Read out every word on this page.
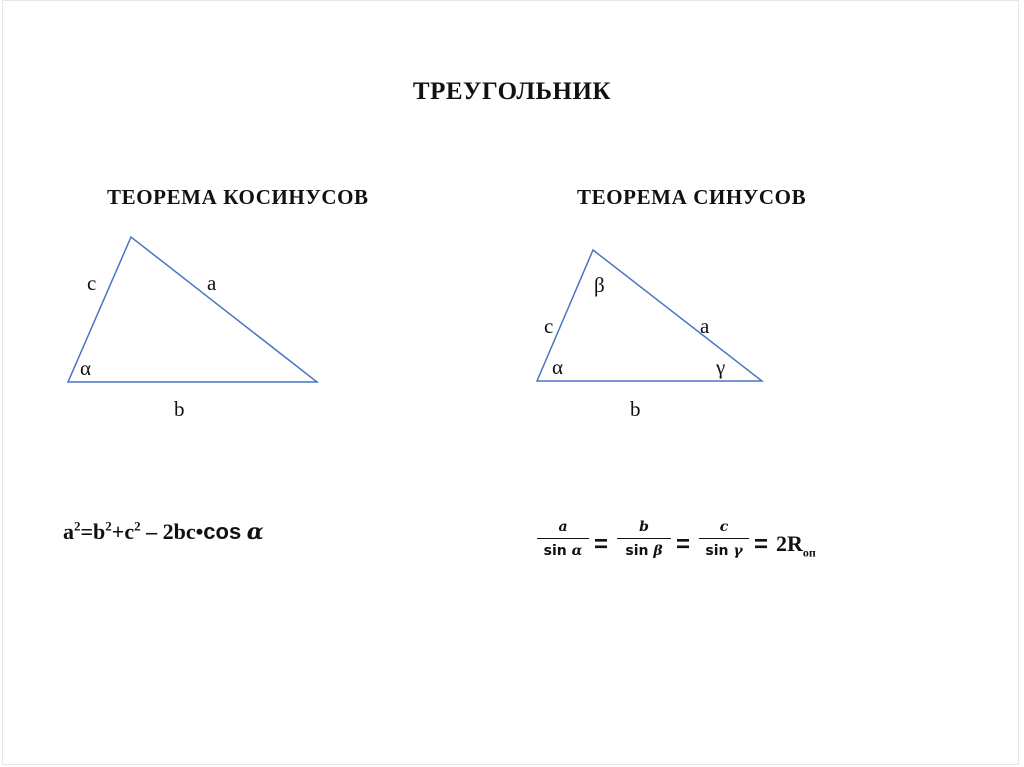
ТРЕУГОЛЬНИК
ТЕОРЕМА КОСИНУСОВ
c	a
α
b
$a^2=b^2+c^2$ – 2bc•cos α
ТЕОРЕМА СИНУСОВ
β
c	a
α	γ
b
a
sin α =
b
sin β =
c
$\sin \gamma = 2R_{оп}$
